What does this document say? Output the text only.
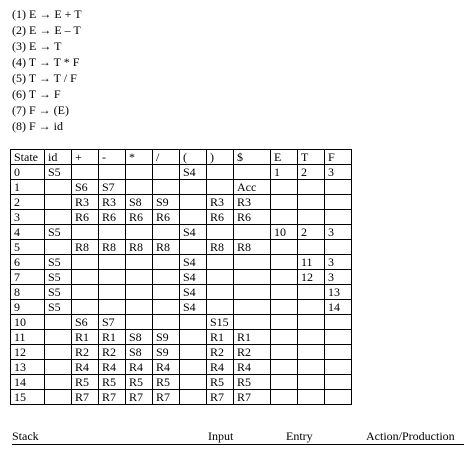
(1) E → E + T
(2) E → E – T
(3) E → T
(4) T → T * F
(5) T → T / F
(6) T → F
(7) F → (E)
(8) F → id
State	id	+	-	*	/	(	)	$	E	T	F
0	S5					S4			1	2	3
1		S6	S7					Acc			
2		R3	R3	S8	S9		R3	R3			
3		R6	R6	R6	R6		R6	R6			
4	S5					S4			10	2	3
5		R8	R8	R8	R8		R8	R8			
6	S5					S4				11	3
7	S5					S4				12	3
8	S5					S4					13
9	S5					S4					14
10		S6	S7				S15				
11		R1	R1	S8	S9		R1	R1			
12		R2	R2	S8	S9		R2	R2			
13		R4	R4	R4	R4		R4	R4			
14		R5	R5	R5	R5		R5	R5			
15		R7	R7	R7	R7		R7	R7			
Stack	Input	Entry	Action/Production
